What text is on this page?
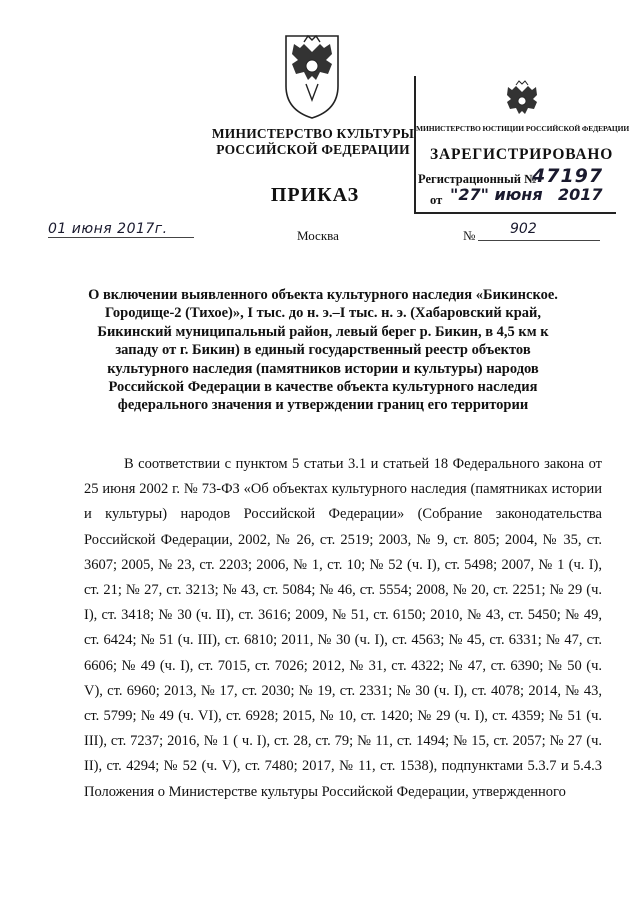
МИНИСТЕРСТВО КУЛЬТУРЫ РОССИЙСКОЙ ФЕДЕРАЦИИ
ПРИКАЗ
МИНИСТЕРСТВО ЮСТИЦИИ РОССИЙСКОЙ ФЕДЕРАЦИИ
ЗАРЕГИСТРИРОВАНО
Регистрационный №
47197
от "27" июня 2017
01 июня 2017г.	Москва	№ 902
О включении выявленного объекта культурного наследия «Бикинское. Городище-2 (Тихое)», I тыс. до н. э.–I тыс. н. э. (Хабаровский край, Бикинский муниципальный район, левый берег р. Бикин, в 4,5 км к западу от г. Бикин) в единый государственный реестр объектов культурного наследия (памятников истории и культуры) народов Российской Федерации в качестве объекта культурного наследия федерального значения и утверждении границ его территории
В соответствии с пунктом 5 статьи 3.1 и статьей 18 Федерального закона от 25 июня 2002 г. № 73-ФЗ «Об объектах культурного наследия (памятниках истории и культуры) народов Российской Федерации» (Собрание законодательства Российской Федерации, 2002, № 26, ст. 2519; 2003, № 9, ст. 805; 2004, № 35, ст. 3607; 2005, № 23, ст. 2203; 2006, № 1, ст. 10; № 52 (ч. I), ст. 5498; 2007, № 1 (ч. I), ст. 21; № 27, ст. 3213; № 43, ст. 5084; № 46, ст. 5554; 2008, № 20, ст. 2251; № 29 (ч. I), ст. 3418; № 30 (ч. II), ст. 3616; 2009, № 51, ст. 6150; 2010, № 43, ст. 5450; № 49, ст. 6424; № 51 (ч. III), ст. 6810; 2011, № 30 (ч. I), ст. 4563; № 45, ст. 6331; № 47, ст. 6606; № 49 (ч. I), ст. 7015, ст. 7026; 2012, № 31, ст. 4322; № 47, ст. 6390; № 50 (ч. V), ст. 6960; 2013, № 17, ст. 2030; № 19, ст. 2331; № 30 (ч. I), ст. 4078; 2014, № 43, ст. 5799; № 49 (ч. VI), ст. 6928; 2015, № 10, ст. 1420; № 29 (ч. I), ст. 4359; № 51 (ч. III), ст. 7237; 2016, № 1 ( ч. I), ст. 28, ст. 79; № 11, ст. 1494; № 15, ст. 2057; № 27 (ч. II), ст. 4294; № 52 (ч. V), ст. 7480; 2017, № 11, ст. 1538), подпунктами 5.3.7 и 5.4.3 Положения о Министерстве культуры Российской Федерации, утвержденного
